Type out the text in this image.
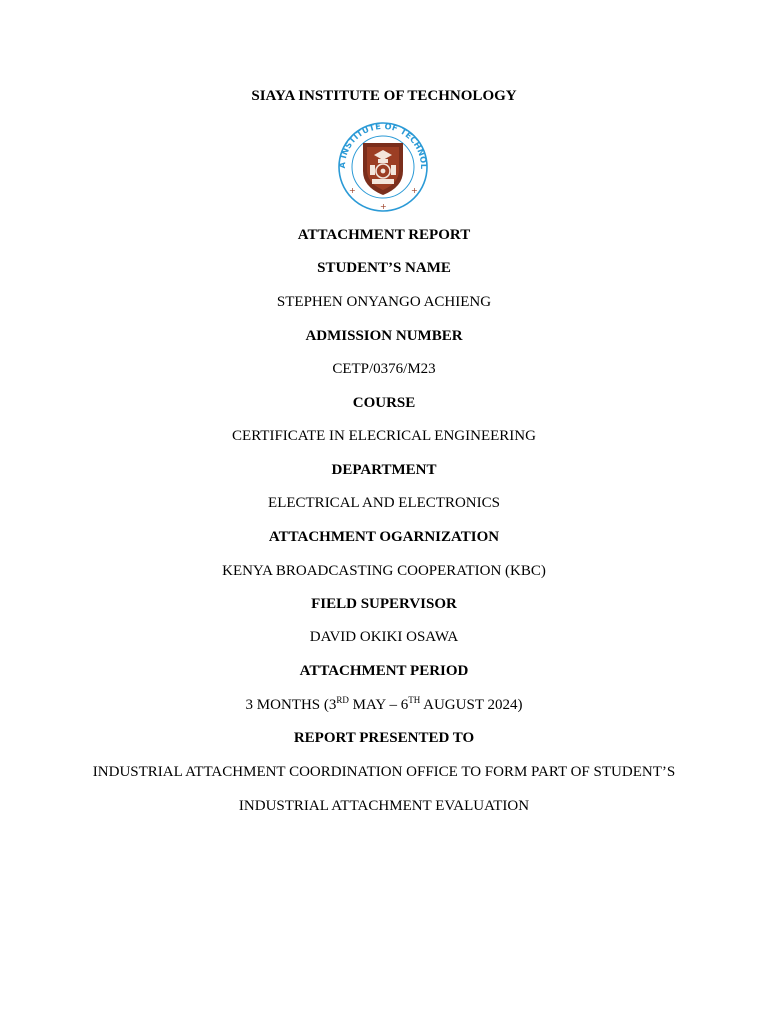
SIAYA INSTITUTE OF TECHNOLOGY
A INSTITUTE OF TECHNOL
+
+
+
ATTACHMENT REPORT
STUDENT’S NAME
STEPHEN ONYANGO ACHIENG
ADMISSION NUMBER
CETP/0376/M23
COURSE
CERTIFICATE IN ELECRICAL ENGINEERING
DEPARTMENT
ELECTRICAL AND ELECTRONICS
ATTACHMENT OGARNIZATION
KENYA BROADCASTING COOPERATION (KBC)
FIELD SUPERVISOR
DAVID OKIKI OSAWA
ATTACHMENT PERIOD
3 MONTHS (3RD MAY – 6TH AUGUST 2024)
REPORT PRESENTED TO
INDUSTRIAL ATTACHMENT COORDINATION OFFICE TO FORM PART OF STUDENT’S
INDUSTRIAL ATTACHMENT EVALUATION
